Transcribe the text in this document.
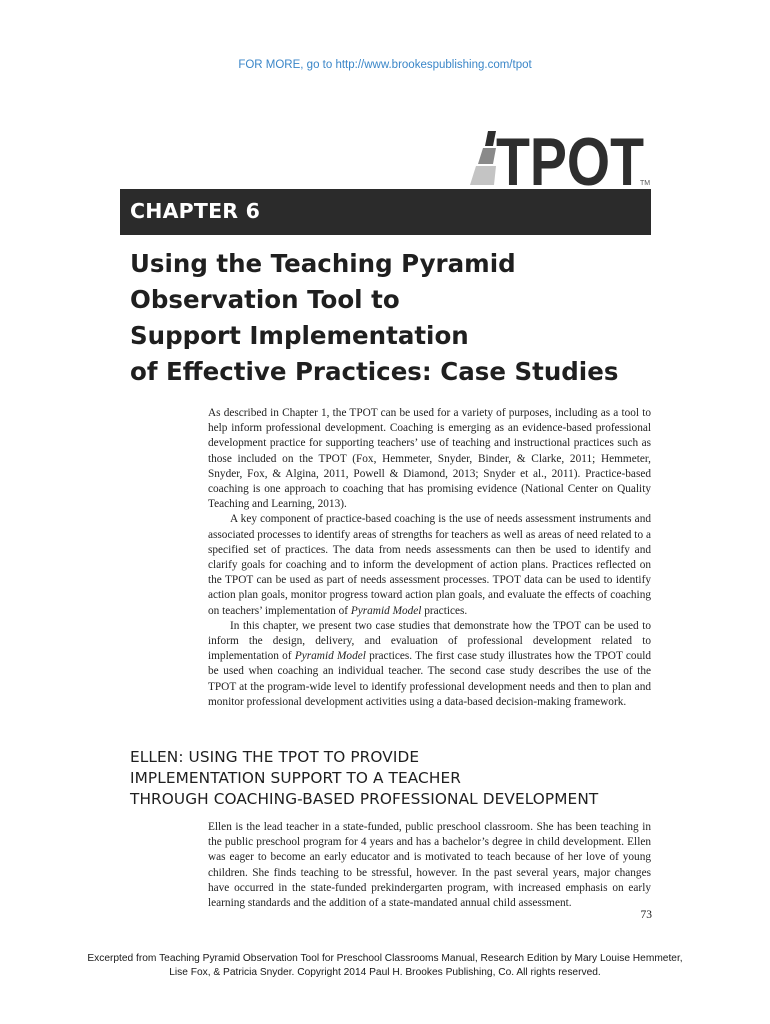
FOR MORE, go to http://www.brookespublishing.com/tpot
TPOT
TM
CHAPTER 6
Using the Teaching Pyramid
Observation Tool to
Support Implementation
of Effective Practices: Case Studies

As described in Chapter 1, the TPOT can be used for a variety of purposes, including as a tool to help inform professional development. Coaching is emerging as an evidence-based professional development practice for supporting teachers’ use of teaching and instructional practices such as those included on the TPOT (Fox, Hemmeter, Snyder, Binder, & Clarke, 2011; Hemmeter, Snyder, Fox, & Algina, 2011, Powell & Diamond, 2013; Snyder et al., 2011). Practice-based coaching is one approach to coaching that has promising evidence (National Center on Quality Teaching and Learning, 2013).

A key component of practice-based coaching is the use of needs assessment instruments and associated processes to identify areas of strengths for teachers as well as areas of need related to a specified set of practices. The data from needs assessments can then be used to identify and clarify goals for coaching and to inform the development of action plans. Practices reflected on the TPOT can be used as part of needs assessment processes. TPOT data can be used to identify action plan goals, monitor progress toward action plan goals, and evaluate the effects of coaching on teachers’ implementation of Pyramid Model practices.

In this chapter, we present two case studies that demonstrate how the TPOT can be used to inform the design, delivery, and evaluation of professional development related to implementation of Pyramid Model practices. The first case study illustrates how the TPOT could be used when coaching an individual teacher. The second case study describes the use of the TPOT at the program-wide level to identify professional development needs and then to plan and monitor professional development activities using a data-based decision-making framework.

ELLEN: USING THE TPOT TO PROVIDE
IMPLEMENTATION SUPPORT TO A TEACHER
THROUGH COACHING-BASED PROFESSIONAL DEVELOPMENT

Ellen is the lead teacher in a state-funded, public preschool classroom. She has been teaching in the public preschool program for 4 years and has a bachelor’s degree in child development. Ellen was eager to become an early educator and is motivated to teach because of her love of young children. She finds teaching to be stressful, however. In the past several years, major changes have occurred in the state-funded prekindergarten program, with increased emphasis on early learning standards and the addition of a state-mandated annual child assessment.

73
Excerpted from Teaching Pyramid Observation Tool for Preschool Classrooms Manual, Research Edition by Mary Louise Hemmeter,
Lise Fox, & Patricia Snyder. Copyright 2014 Paul H. Brookes Publishing, Co. All rights reserved.
